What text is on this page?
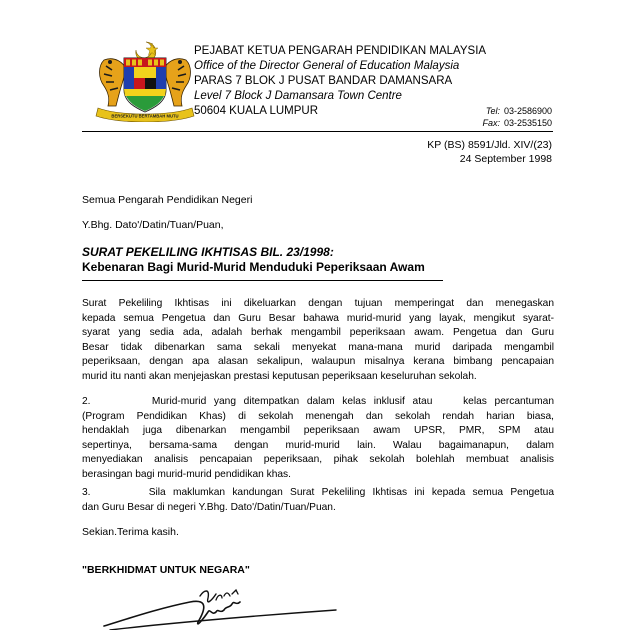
BERSEKUTU BERTAMBAH MUTU
PEJABAT KETUA PENGARAH PENDIDIKAN MALAYSIA
Office of the Director General of Education Malaysia
PARAS 7 BLOK J PUSAT BANDAR DAMANSARA
Level 7 Block J Damansara Town Centre
50604 KUALA LUMPUR	Tel: 03-2586900
Fax: 03-2535150
KP (BS) 8591/Jld. XIV/(23)
24 September 1998
Semua Pengarah Pendidikan Negeri
Y.Bhg. Dato'/Datin/Tuan/Puan,
SURAT PEKELILING IKHTISAS BIL. 23/1998:
Kebenaran Bagi Murid-Murid Menduduki Peperiksaan Awam
Surat Pekeliling Ikhtisas ini dikeluarkan dengan tujuan memperingat dan menegaskan
kepada semua Pengetua dan Guru Besar bahawa murid-murid yang layak, mengikut syarat-
syarat yang sedia ada, adalah berhak mengambil peperiksaan awam. Pengetua dan Guru
Besar tidak dibenarkan sama sekali menyekat mana-mana murid daripada mengambil
peperiksaan, dengan apa alasan sekalipun, walaupun misalnya kerana bimbang pencapaian
murid itu nanti akan menjejaskan prestasi keputusan peperiksaan keseluruhan sekolah.
2.        Murid-murid yang ditempatkan dalam kelas inklusif atau    kelas percantuman
(Program Pendidikan Khas) di sekolah menengah dan sekolah rendah harian biasa,
hendaklah juga dibenarkan mengambil peperiksaan awam UPSR, PMR, SPM atau
sepertinya, bersama-sama dengan murid-murid lain. Walau bagaimanapun, dalam
menyediakan analisis pencapaian peperiksaan, pihak sekolah bolehlah membuat analisis
berasingan bagi murid-murid pendidikan khas.
3.        Sila maklumkan kandungan Surat Pekeliling Ikhtisas ini kepada semua Pengetua
dan Guru Besar di negeri Y.Bhg. Dato'/Datin/Tuan/Puan.
Sekian.Terima kasih.
"BERKHIDMAT UNTUK NEGARA"
